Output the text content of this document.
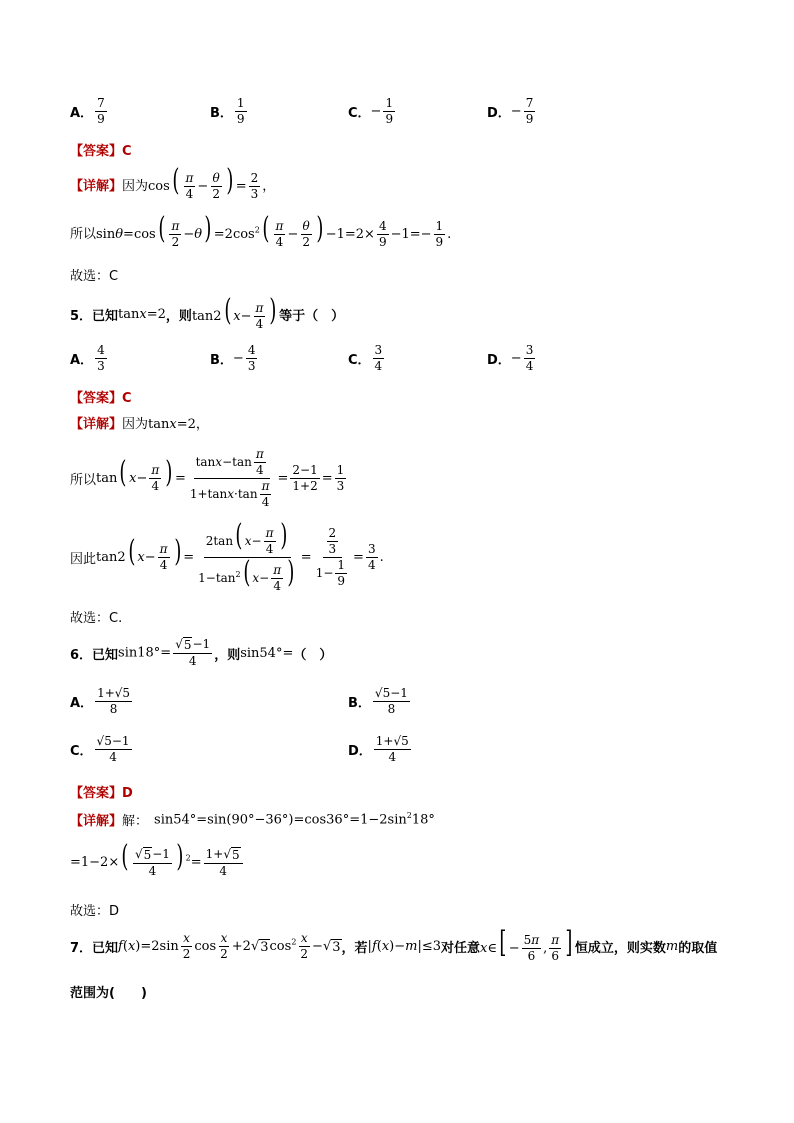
A． $\frac{7}{9}$	B． $\frac{1}{9}$	C． − $\frac{1}{9}$	D． − $\frac{7}{9}$
【答案】C
【详解】 因为 $\cos( \frac{\pi}{4} - \frac{\theta}{2}$ ) = $\frac{2}{3}$ ，
所以 $\sin\theta=\cos( \frac{\pi}{2} -\theta) =2\cos^2( \frac{\pi}{4} - \frac{\theta}{2}$ ) $-1=2\times \frac{4}{9} -1=- \frac{1}{9}$ .
故选：C
5．已知 tanx=2 ，则 tan2( $x- \frac{\pi}{4}$ ) 等于（　）
A． $\frac{4}{3}$	B． − $\frac{4}{3}$	C． $\frac{3}{4}$	D． − $\frac{3}{4}$
【答案】C
【详解】 因为 tanx=2，
所以 tan( $x- \frac{\pi}{4}$ ) = $\frac{\tan x-\tan \frac{\pi}{4}}{1+\tan x\cdot\tan \frac{\pi}{4}} = \frac{2-1}{1+2} = \frac{1}{3}$
因此 tan2( $x- \frac{\pi}{4}$ ) = $\frac{2\tan( x- \frac{\pi}{4} )}{1-\tan^2( x- \frac{\pi}{4} )} = \frac{\frac{2}{3}}{1- \frac{1}{9}} = \frac{3}{4}$ .
故选：C.
6．已知 $\sin 18^\circ= \frac{√ 5 -1}{4}$ ，则 sin54°= （　）
A． $\frac{1+√5}{8}$	B． $\frac{√5-1}{8}$
C． $\frac{√5-1}{4}$	D． $\frac{1+√5}{4}$
【答案】D
【详解】 解： $\sin 54^\circ=\sin(90^\circ-36^\circ)=\cos 36^\circ=1-2\sin^218^\circ$
$=1-2\times( \frac{√ 5 -1}{4}$ ) $^2= \frac{1+√ 5}{4}$
故选：D
7．已知 $f(x)=2\sin \frac{x}{2}$ $\cos \frac{x}{2} +2√$ 3 $\cos^2 \frac{x}{2}$ −√ 3 ，若 |f(x)−m|≤3 对任意 x∈[ − $\frac{5\pi}{6}$ , $\frac{\pi}{6}$ ] 恒成立，则实数 m 的取值
范围为(　　)
